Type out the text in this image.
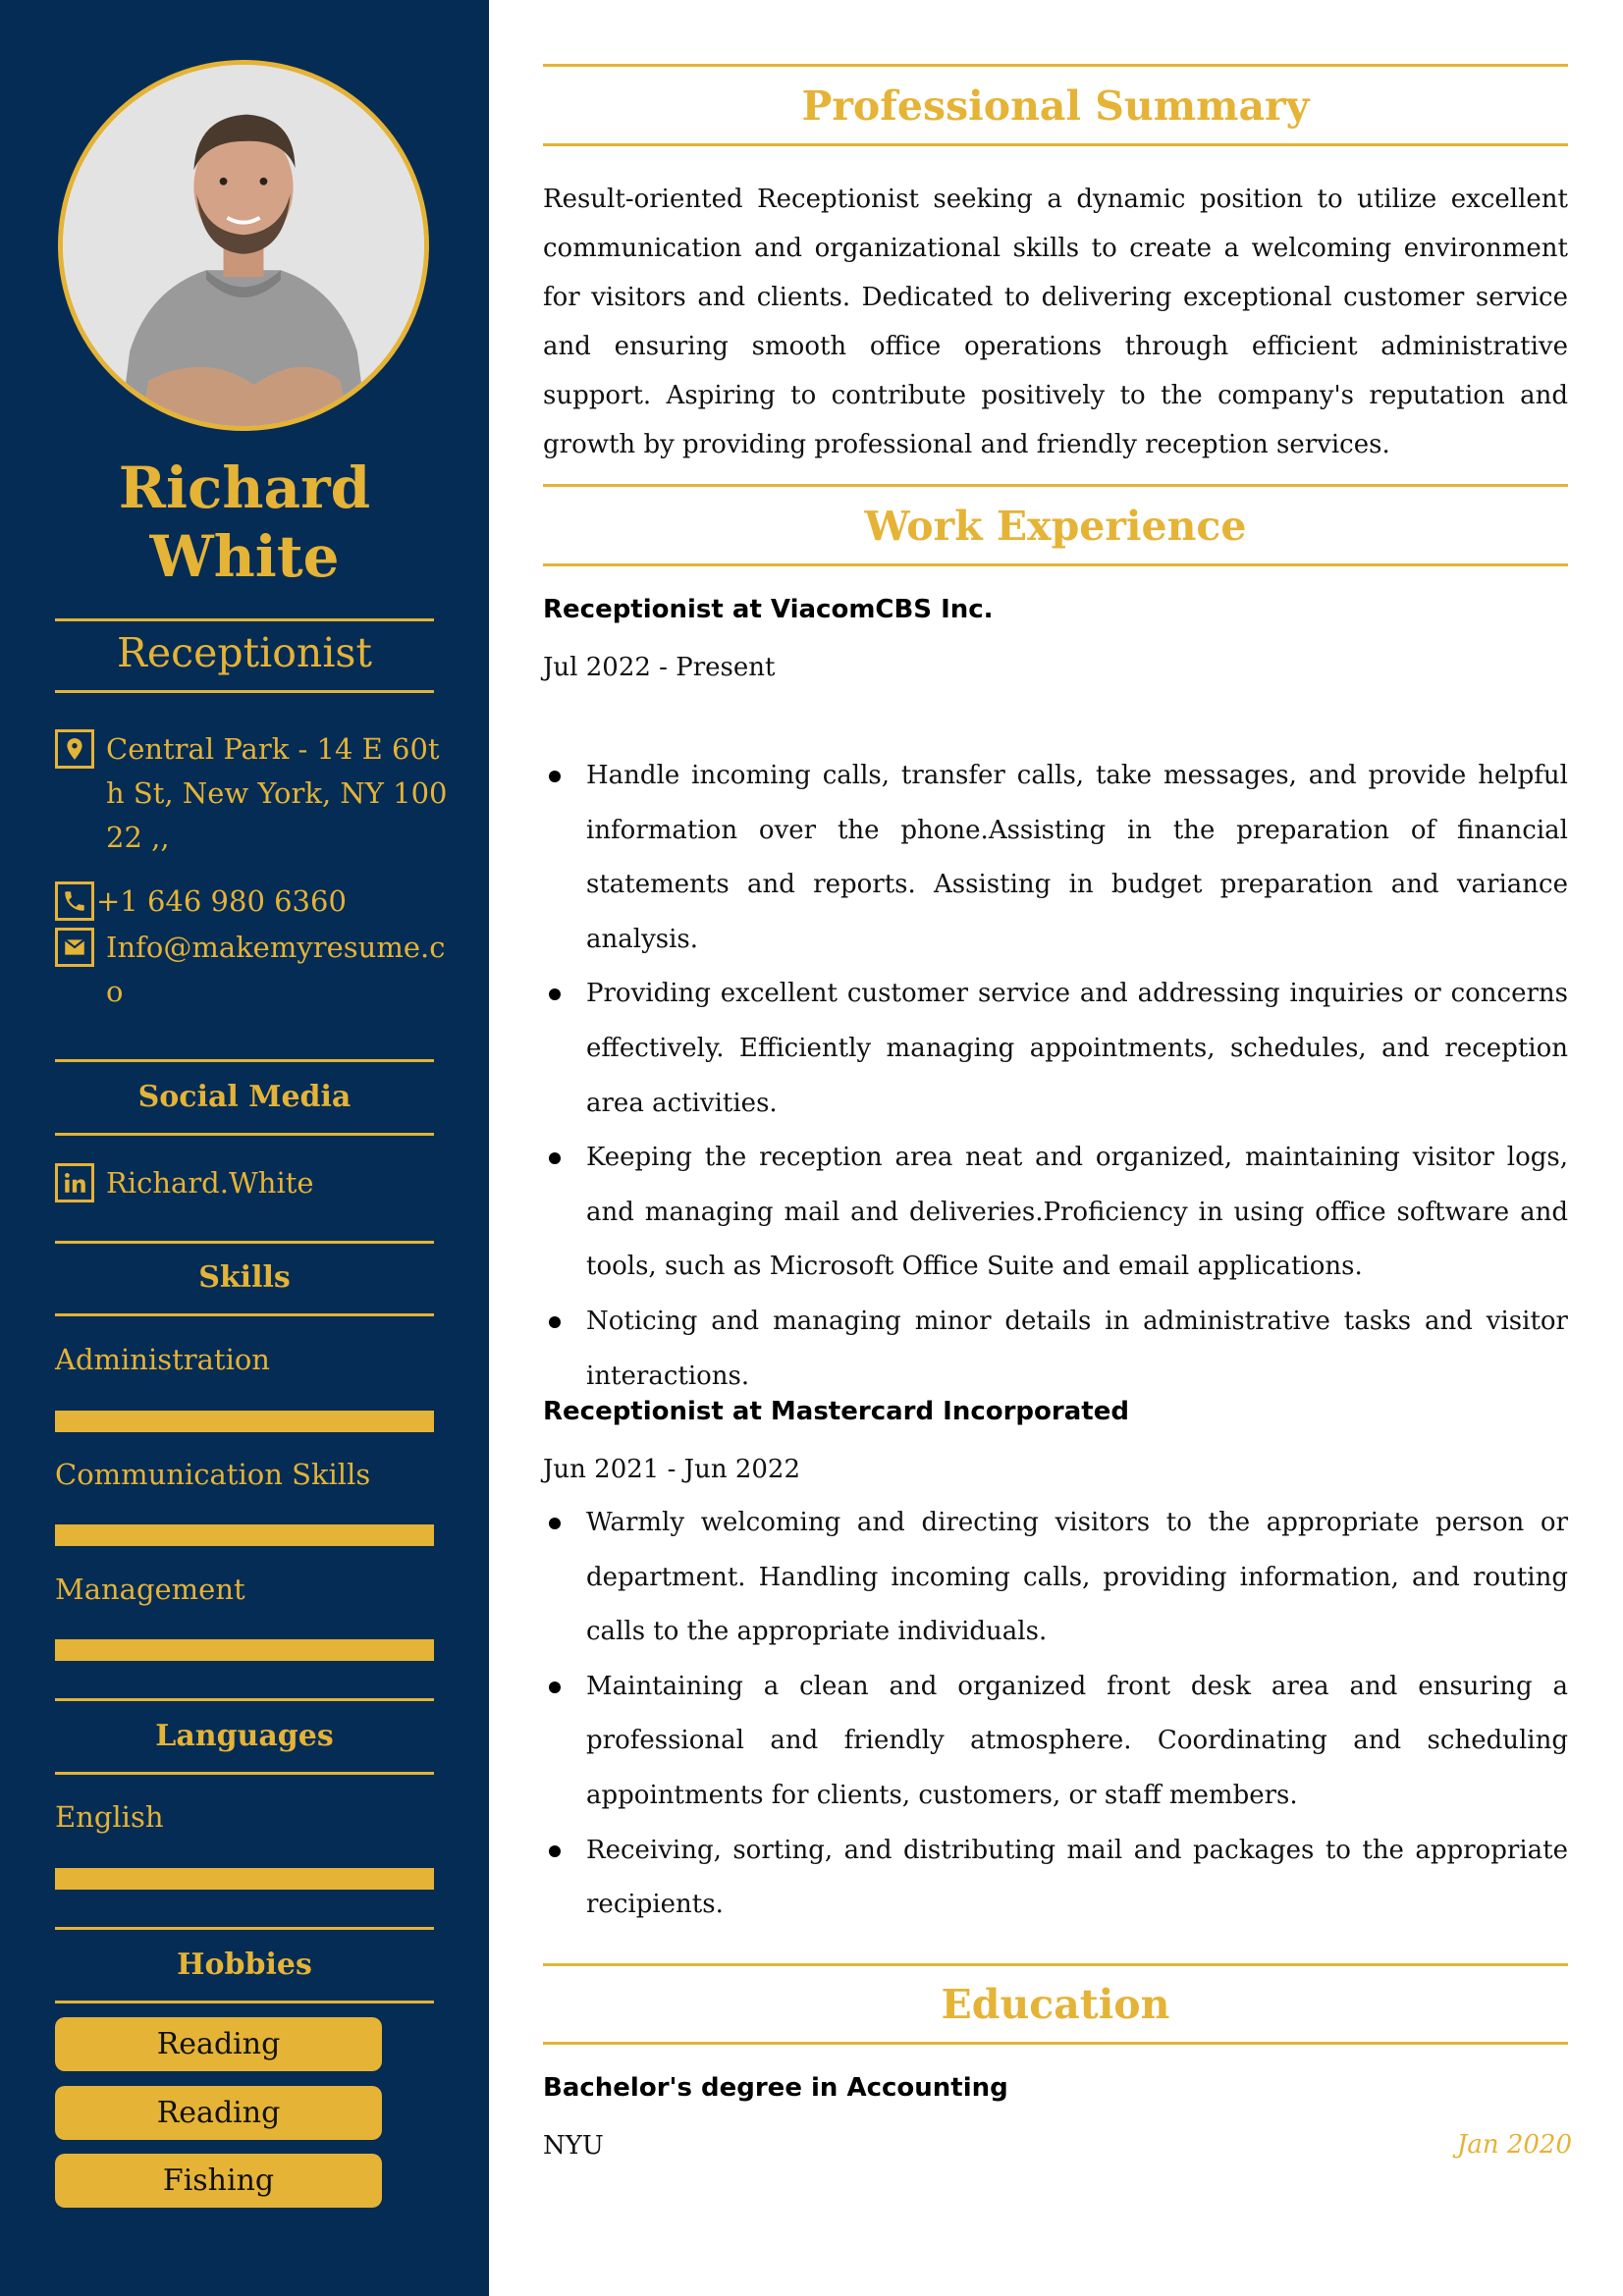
Richard
White
Receptionist
Central Park - 14 E 60th St, New York, NY 10022 ,,
+1 646 980 6360
Info@makemyresume.co
Social Media
Richard.White
Skills
Administration
Communication Skills
Management
Languages
English
Hobbies
Reading
Reading
Fishing
Professional Summary

Result-oriented Receptionist seeking a dynamic position to utilize excellent communication and organizational skills to create a welcoming environment for visitors and clients. Dedicated to delivering exceptional customer service and ensuring smooth office operations through efficient administrative support. Aspiring to contribute positively to the company's reputation and growth by providing professional and friendly reception services.

Work Experience
Receptionist at ViacomCBS Inc.
Jul 2022 - Present
Handle incoming calls, transfer calls, take messages, and provide helpful information over the phone.Assisting in the preparation of financial statements and reports. Assisting in budget preparation and variance analysis.
Providing excellent customer service and addressing inquiries or concerns effectively. Efficiently managing appointments, schedules, and reception area activities.
Keeping the reception area neat and organized, maintaining visitor logs, and managing mail and deliveries.Proficiency in using office software and tools, such as Microsoft Office Suite and email applications.
Noticing and managing minor details in administrative tasks and visitor interactions.
Receptionist at Mastercard Incorporated
Jun 2021 - Jun 2022
Warmly welcoming and directing visitors to the appropriate person or department. Handling incoming calls, providing information, and routing calls to the appropriate individuals.
Maintaining a clean and organized front desk area and ensuring a professional and friendly atmosphere. Coordinating and scheduling appointments for clients, customers, or staff members.
Receiving, sorting, and distributing mail and packages to the appropriate recipients.
Education
Bachelor's degree in Accounting
NYU	Jan 2020
